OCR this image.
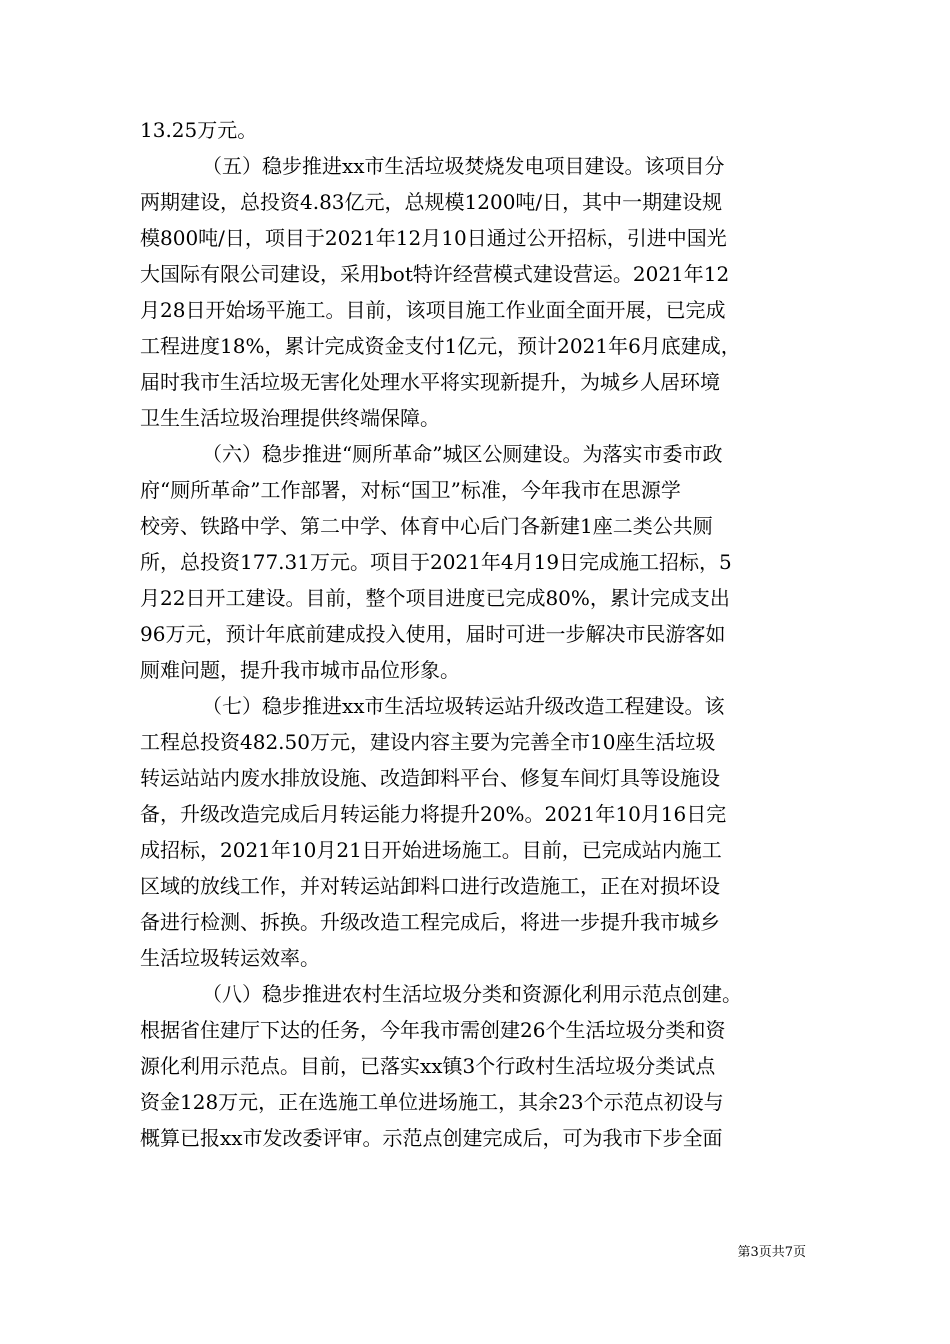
13.25万元。
（五）稳步推进xx市生活垃圾焚烧发电项目建设。该项目分
两期建设，总投资4.83亿元，总规模1200吨/日，其中一期建设规
模800吨/日，项目于2021年12月10日通过公开招标，引进中国光
大国际有限公司建设，采用bot特许经营模式建设营运。2021年12
月28日开始场平施工。目前，该项目施工作业面全面开展，已完成
工程进度18%，累计完成资金支付1亿元，预计2021年6月底建成，
届时我市生活垃圾无害化处理水平将实现新提升，为城乡人居环境
卫生生活垃圾治理提供终端保障。
（六）稳步推进“厕所革命”城区公厕建设。为落实市委市政
府“厕所革命”工作部署，对标“国卫”标准，今年我市在思源学
校旁、铁路中学、第二中学、体育中心后门各新建1座二类公共厕
所，总投资177.31万元。项目于2021年4月19日完成施工招标，5
月22日开工建设。目前，整个项目进度已完成80%，累计完成支出
96万元，预计年底前建成投入使用，届时可进一步解决市民游客如
厕难问题，提升我市城市品位形象。
（七）稳步推进xx市生活垃圾转运站升级改造工程建设。该
工程总投资482.50万元，建设内容主要为完善全市10座生活垃圾
转运站站内废水排放设施、改造卸料平台、修复车间灯具等设施设
备，升级改造完成后月转运能力将提升20%。2021年10月16日完
成招标，2021年10月21日开始进场施工。目前，已完成站内施工
区域的放线工作，并对转运站卸料口进行改造施工，正在对损坏设
备进行检测、拆换。升级改造工程完成后，将进一步提升我市城乡
生活垃圾转运效率。
（八）稳步推进农村生活垃圾分类和资源化利用示范点创建。
根据省住建厅下达的任务，今年我市需创建26个生活垃圾分类和资
源化利用示范点。目前，已落实xx镇3个行政村生活垃圾分类试点
资金128万元，正在选施工单位进场施工，其余23个示范点初设与
概算已报xx市发改委评审。示范点创建完成后，可为我市下步全面
第3页共7页
